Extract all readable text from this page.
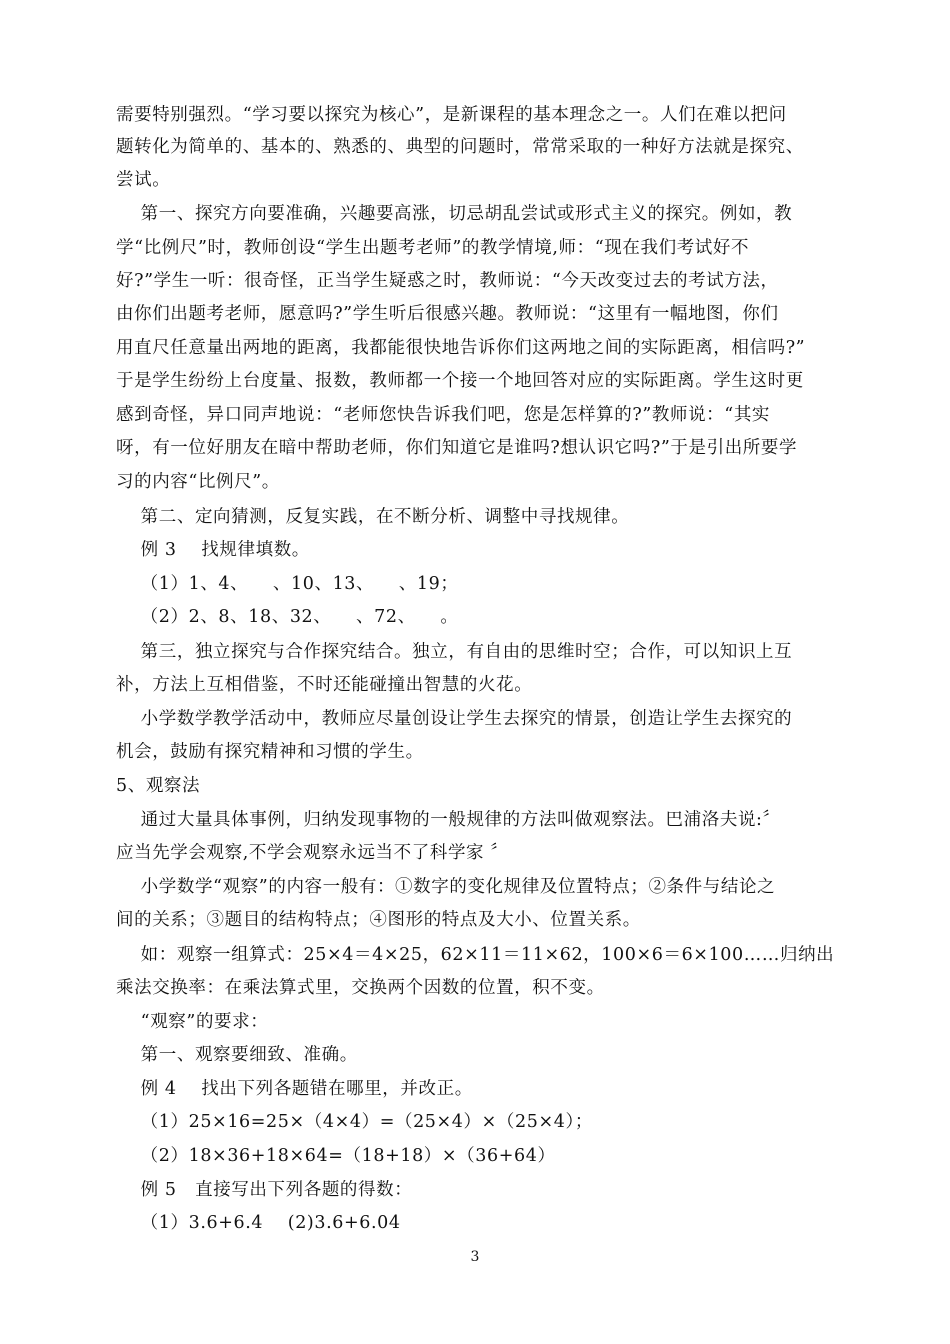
需要特别强烈。“学习要以探究为核心”，是新课程的基本理念之一。人们在难以把问
题转化为简单的、基本的、熟悉的、典型的问题时，常常采取的一种好方法就是探究、
尝试。
第一、探究方向要准确，兴趣要高涨，切忌胡乱尝试或形式主义的探究。例如，教
学“比例尺”时，教师创设“学生出题考老师”的教学情境,师：“现在我们考试好不
好?”学生一听：很奇怪，正当学生疑惑之时，教师说：“今天改变过去的考试方法，
由你们出题考老师，愿意吗?”学生听后很感兴趣。教师说：“这里有一幅地图，你们
用直尺任意量出两地的距离，我都能很快地告诉你们这两地之间的实际距离，相信吗?”
于是学生纷纷上台度量、报数，教师都一个接一个地回答对应的实际距离。学生这时更
感到奇怪，异口同声地说：“老师您快告诉我们吧，您是怎样算的?”教师说：“其实
呀，有一位好朋友在暗中帮助老师，你们知道它是谁吗?想认识它吗?”于是引出所要学
习的内容“比例尺”。
第二、定向猜测，反复实践，在不断分析、调整中寻找规律。
例 3    找规律填数。
（1）1、4、    、10、13、    、19；
（2）2、8、18、32、    、72、    。
第三，独立探究与合作探究结合。独立，有自由的思维时空；合作，可以知识上互
补，方法上互相借鉴，不时还能碰撞出智慧的火花。
小学数学教学活动中，教师应尽量创设让学生去探究的情景，创造让学生去探究的
机会，鼓励有探究精神和习惯的学生。
5、观察法
通过大量具体事例，归纳发现事物的一般规律的方法叫做观察法。巴浦洛夫说:〞
应当先学会观察,不学会观察永远当不了科学家 〞
小学数学“观察”的内容一般有：①数字的变化规律及位置特点；②条件与结论之
间的关系；③题目的结构特点；④图形的特点及大小、位置关系。
如：观察一组算式：25×4＝4×25，62×11＝11×62，100×6＝6×100……归纳出
乘法交换率：在乘法算式里，交换两个因数的位置，积不变。
“观察”的要求：
第一、观察要细致、准确。
例 4    找出下列各题错在哪里，并改正。
（1）25×16=25×（4×4）=（25×4）×（25×4）；
（2）18×36+18×64=（18+18）×（36+64）
例 5   直接写出下列各题的得数：
（1）3.6+6.4    (2)3.6+6.04
3
